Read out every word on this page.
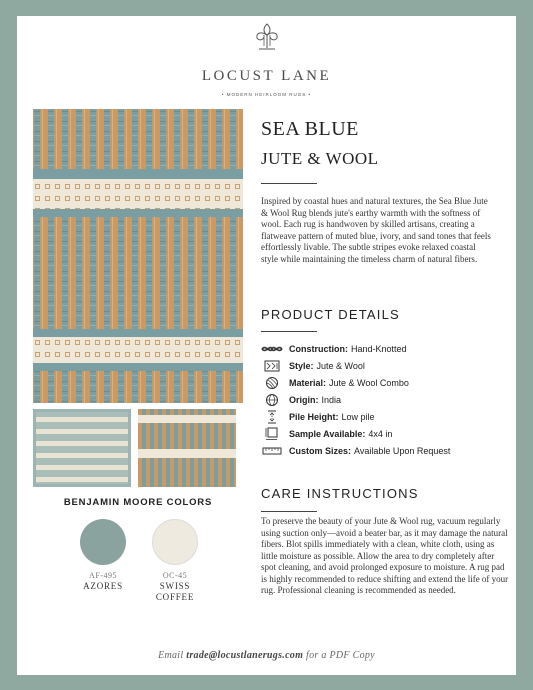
LOCUST LANE
• MODERN HEIRLOOM RUGS •
BENJAMIN MOORE COLORS
AF-495
AZORES
OC-45
SWISS COFFEE
SEA BLUE
JUTE & WOOL

Inspired by coastal hues and natural textures, the Sea Blue Jute & Wool Rug blends jute's earthy warmth with the softness of wool. Each rug is handwoven by skilled artisans, creating a flatweave pattern of muted blue, ivory, and sand tones that feels effortlessly livable. The subtle stripes evoke relaxed coastal style while maintaining the timeless charm of natural fibers.

PRODUCT DETAILS
Construction: Hand-Knotted
Style: Jute & Wool
Material: Jute & Wool Combo
Origin: India
Pile Height: Low pile
Sample Available: 4x4 in
Custom Sizes: Available Upon Request
CARE INSTRUCTIONS

To preserve the beauty of your Jute & Wool rug, vacuum regularly using suction only—avoid a beater bar, as it may damage the natural fibers. Blot spills immediately with a clean, white cloth, using as little moisture as possible. Allow the area to dry completely after spot cleaning, and avoid prolonged exposure to moisture. A rug pad is highly recommended to reduce shifting and extend the life of your rug. Professional cleaning is recommended as needed.

Email trade@locustlanerugs.com for a PDF Copy
